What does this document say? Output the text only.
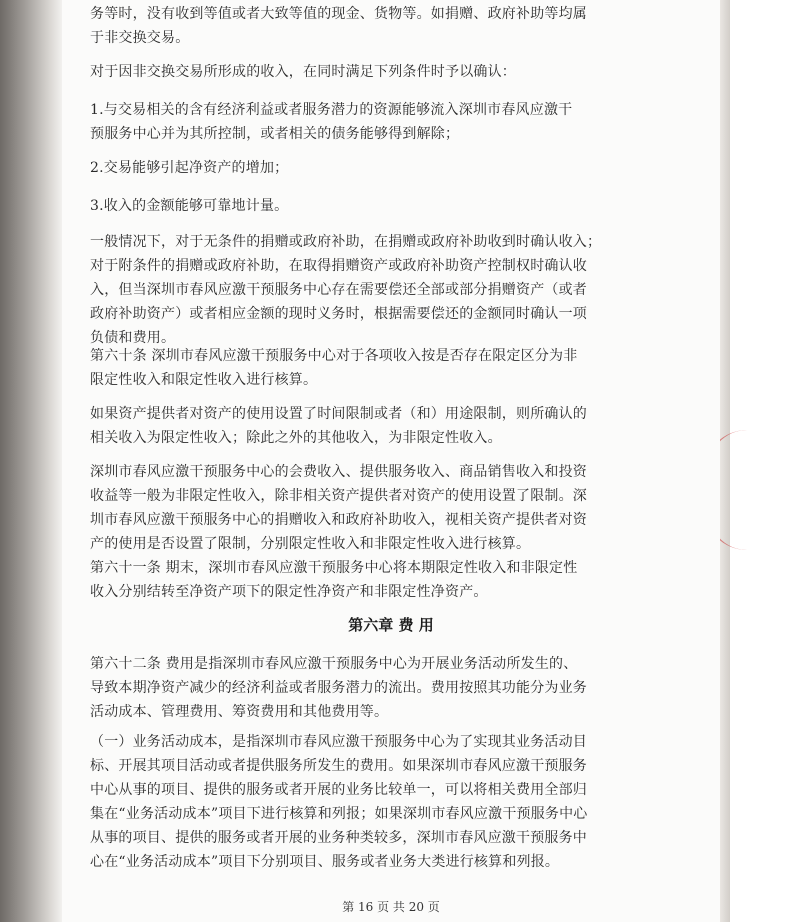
务等时，没有收到等值或者大致等值的现金、货物等。如捐赠、政府补助等均属
于非交换交易。

对于因非交换交易所形成的收入，在同时满足下列条件时予以确认：

1.与交易相关的含有经济利益或者服务潜力的资源能够流入深圳市春风应激干
预服务中心并为其所控制，或者相关的债务能够得到解除；

2.交易能够引起净资产的增加；

3.收入的金额能够可靠地计量。

一般情况下，对于无条件的捐赠或政府补助，在捐赠或政府补助收到时确认收入；
对于附条件的捐赠或政府补助，在取得捐赠资产或政府补助资产控制权时确认收
入，但当深圳市春风应激干预服务中心存在需要偿还全部或部分捐赠资产（或者
政府补助资产）或者相应金额的现时义务时，根据需要偿还的金额同时确认一项
负债和费用。

第六十条 深圳市春风应激干预服务中心对于各项收入按是否存在限定区分为非
限定性收入和限定性收入进行核算。

如果资产提供者对资产的使用设置了时间限制或者（和）用途限制，则所确认的
相关收入为限定性收入；除此之外的其他收入，为非限定性收入。

深圳市春风应激干预服务中心的会费收入、提供服务收入、商品销售收入和投资
收益等一般为非限定性收入，除非相关资产提供者对资产的使用设置了限制。深
圳市春风应激干预服务中心的捐赠收入和政府补助收入，视相关资产提供者对资
产的使用是否设置了限制，分别限定性收入和非限定性收入进行核算。

第六十一条 期末，深圳市春风应激干预服务中心将本期限定性收入和非限定性
收入分别结转至净资产项下的限定性净资产和非限定性净资产。

第六章 费 用

第六十二条 费用是指深圳市春风应激干预服务中心为开展业务活动所发生的、
导致本期净资产减少的经济利益或者服务潜力的流出。费用按照其功能分为业务
活动成本、管理费用、筹资费用和其他费用等。

（一）业务活动成本，是指深圳市春风应激干预服务中心为了实现其业务活动目
标、开展其项目活动或者提供服务所发生的费用。如果深圳市春风应激干预服务
中心从事的项目、提供的服务或者开展的业务比较单一，可以将相关费用全部归
集在“业务活动成本”项目下进行核算和列报；如果深圳市春风应激干预服务中心
从事的项目、提供的服务或者开展的业务种类较多，深圳市春风应激干预服务中
心在“业务活动成本”项目下分别项目、服务或者业务大类进行核算和列报。

第 16 页 共 20 页
